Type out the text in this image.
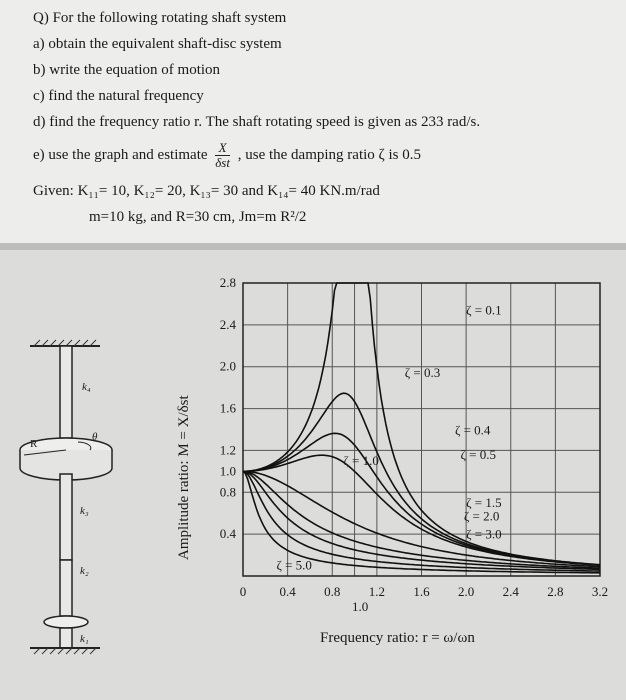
Q) For the following rotating shaft system
a) obtain the equivalent shaft-disc system
b) write the equation of motion
c) find the natural frequency
d) find the frequency ratio r. The shaft rotating speed is given as 233 rad/s.
e) use the graph and estimate $\frac{X}{\text{δst}}$ , use the damping ratio ζ is 0.5
Given: K₁₁= 10, K₁₂= 20, K₁₃= 30 and K₁₄= 40 KN.m/rad
m=10 kg, and R=30 cm, Jm=m R²/2
k₄
θ
R
k₃
k₂
k₁
0	0.4 0.8 1.2 1.6 2.0 2.4 2.8 3.2
0.4
0.8
1.0
1.2
1.6
2.0
2.4
2.8
1.0
Amplitude ratio: M = X/δst
Frequency ratio: r = ω/ωn
ζ = 0.1
ζ = 0.3
ζ = 0.4
ζ = 0.5
ζ = 1.0
ζ = 1.5
ζ = 2.0
ζ = 3.0
ζ = 5.0
